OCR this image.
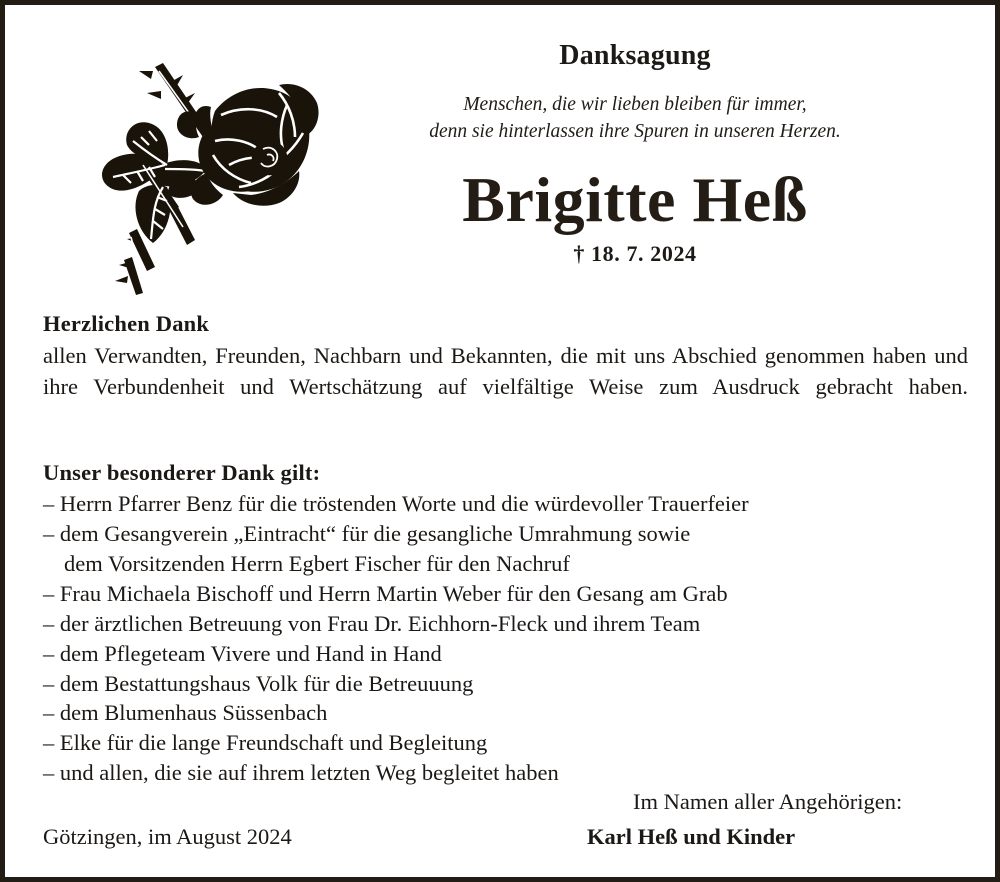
Danksagung
Menschen, die wir lieben bleiben für immer,
denn sie hinterlassen ihre Spuren in unseren Herzen.
Brigitte Heß
† 18. 7. 2024
Herzlichen Dank
allen Verwandten, Freunden, Nachbarn und Bekannten, die mit uns Abschied genommen haben und ihre Verbundenheit und Wertschätzung auf vielfältige Weise zum Ausdruck gebracht haben.
Unser besonderer Dank gilt:
– Herrn Pfarrer Benz für die tröstenden Worte und die würdevoller Trauerfeier
– dem Gesangverein „Eintracht“ für die gesangliche Umrahmung sowie
dem Vorsitzenden Herrn Egbert Fischer für den Nachruf
– Frau Michaela Bischoff und Herrn Martin Weber für den Gesang am Grab
– der ärztlichen Betreuung von Frau Dr. Eichhorn-Fleck und ihrem Team
– dem Pflegeteam Vivere und Hand in Hand
– dem Bestattungshaus Volk für die Betreuuung
– dem Blumenhaus Süssenbach
– Elke für die lange Freundschaft und Begleitung
– und allen, die sie auf ihrem letzten Weg begleitet haben
Im Namen aller Angehörigen:
Götzingen, im August 2024	Karl Heß und Kinder
